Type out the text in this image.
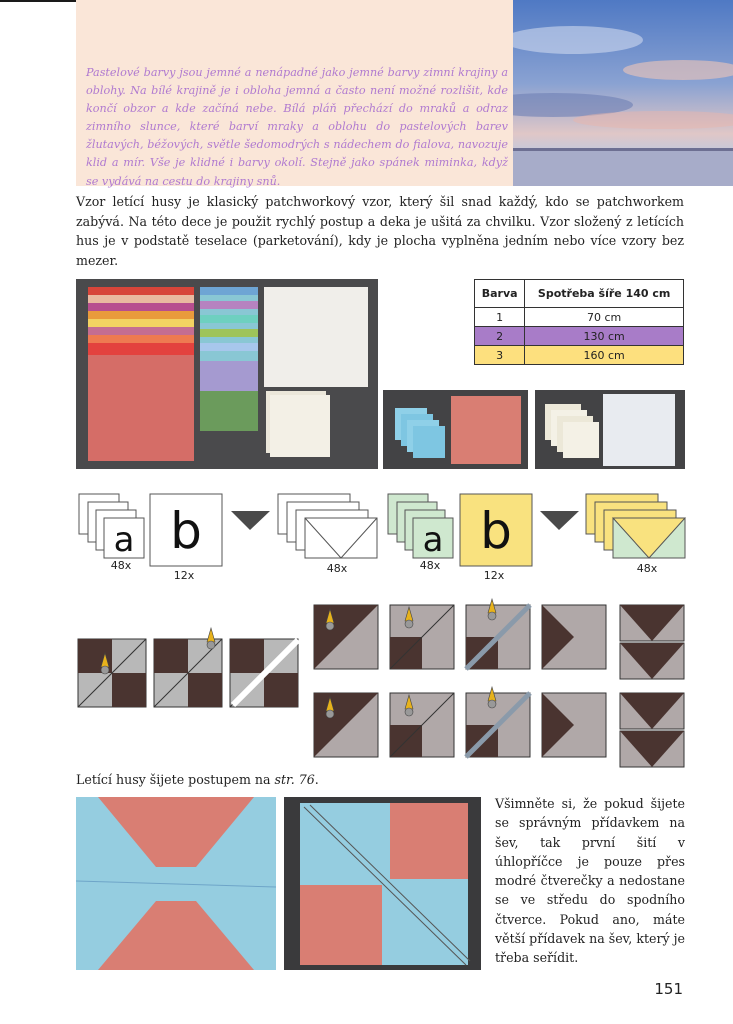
Pastelové barvy jsou jemné a nenápadné jako jemné barvy zimní krajiny a oblohy. Na bílé krajině je i obloha jemná a často není možné rozlišit, kde končí obzor a kde začíná nebe. Bílá pláň přechází do mraků a odraz zimního slunce, které barví mraky a oblohu do pastelových barev žlutavých, béžových, světle šedomodrých s nádechem do fialova, navozuje klid a mír. Vše je klidné i barvy okolí. Stejně jako spánek miminka, když se vydává na cestu do krajiny snů.

Vzor letící husy je klasický patchworkový vzor, který šil snad každý, kdo se patchworkem zabývá. Na této dece je použit rychlý postup a deka je ušitá za chvilku. Vzor složený z letících hus je v podstatě teselace (parketování), kdy je plocha vyplněna jedním nebo více vzory bez mezer.

Barva	Spotřeba šíře 140 cm
1	70 cm
2	130 cm
3	160 cm
a
48x
b
12x
48x
a
48x
b
12x
48x

Letící husy šijete postupem na str. 76.

Všimněte si, že pokud šijete se správným přídavkem na šev, tak první šití v úhlopříčce je pouze přes modré čtverečky a nedostane se ve středu do spodního čtverce. Pokud ano, máte větší přídavek na šev, který je třeba seřídit.

151
